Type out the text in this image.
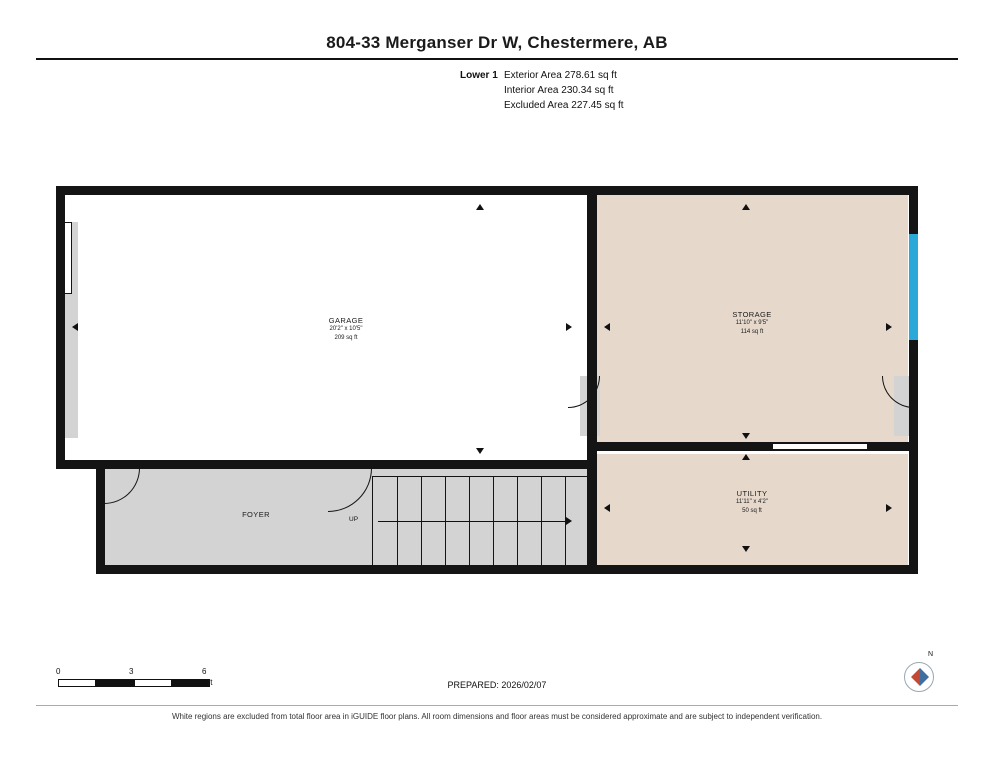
804-33 Merganser Dr W, Chestermere, AB
Lower 1 Exterior Area 278.61 sq ft
Interior Area 230.34 sq ft
Excluded Area 227.45 sq ft
UP
GARAGE
20'2" x 10'5"
209 sq ft
STORAGE
11'10" x 9'5"
114 sq ft
UTILITY
11'11" x 4'2"
50 sq ft
FOYER
0	3	6
ft	PREPARED: 2026/02/07
White regions are excluded from total floor area in iGUIDE floor plans. All room dimensions and floor areas must be considered approximate and are subject to independent verification.
N
